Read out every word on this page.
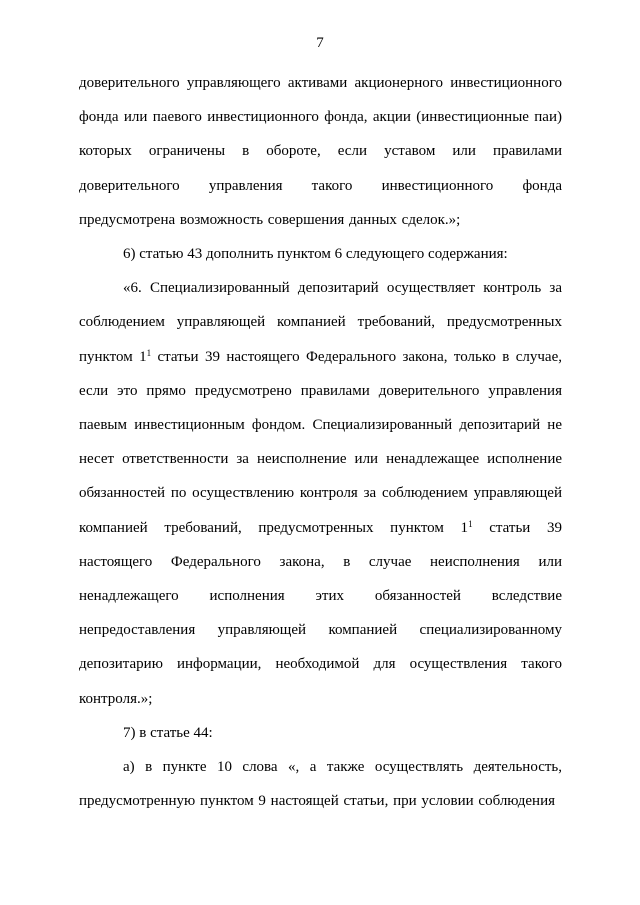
7

доверительного управляющего активами акционерного инвестиционного фонда или паевого инвестиционного фонда, акции (инвестиционные паи) которых ограничены в обороте, если уставом или правилами доверительного управления такого инвестиционного фонда предусмотрена возможность совершения данных сделок.»;

6) статью 43 дополнить пунктом 6 следующего содержания:

«6. Специализированный депозитарий осуществляет контроль за соблюдением управляющей компанией требований, предусмотренных пунктом $1^1$ статьи 39 настоящего Федерального закона, только в случае, если это прямо предусмотрено правилами доверительного управления паевым инвестиционным фондом. Специализированный депозитарий не несет ответственности за неисполнение или ненадлежащее исполнение обязанностей по осуществлению контроля за соблюдением управляющей компанией требований, предусмотренных пунктом $1^1$ статьи 39 настоящего Федерального закона, в случае неисполнения или ненадлежащего исполнения этих обязанностей вследствие непредоставления управляющей компанией специализированному депозитарию информации, необходимой для осуществления такого контроля.»;

7) в статье 44:

а) в пункте 10 слова «, а также осуществлять деятельность, предусмотренную пунктом 9 настоящей статьи, при условии соблюдения
